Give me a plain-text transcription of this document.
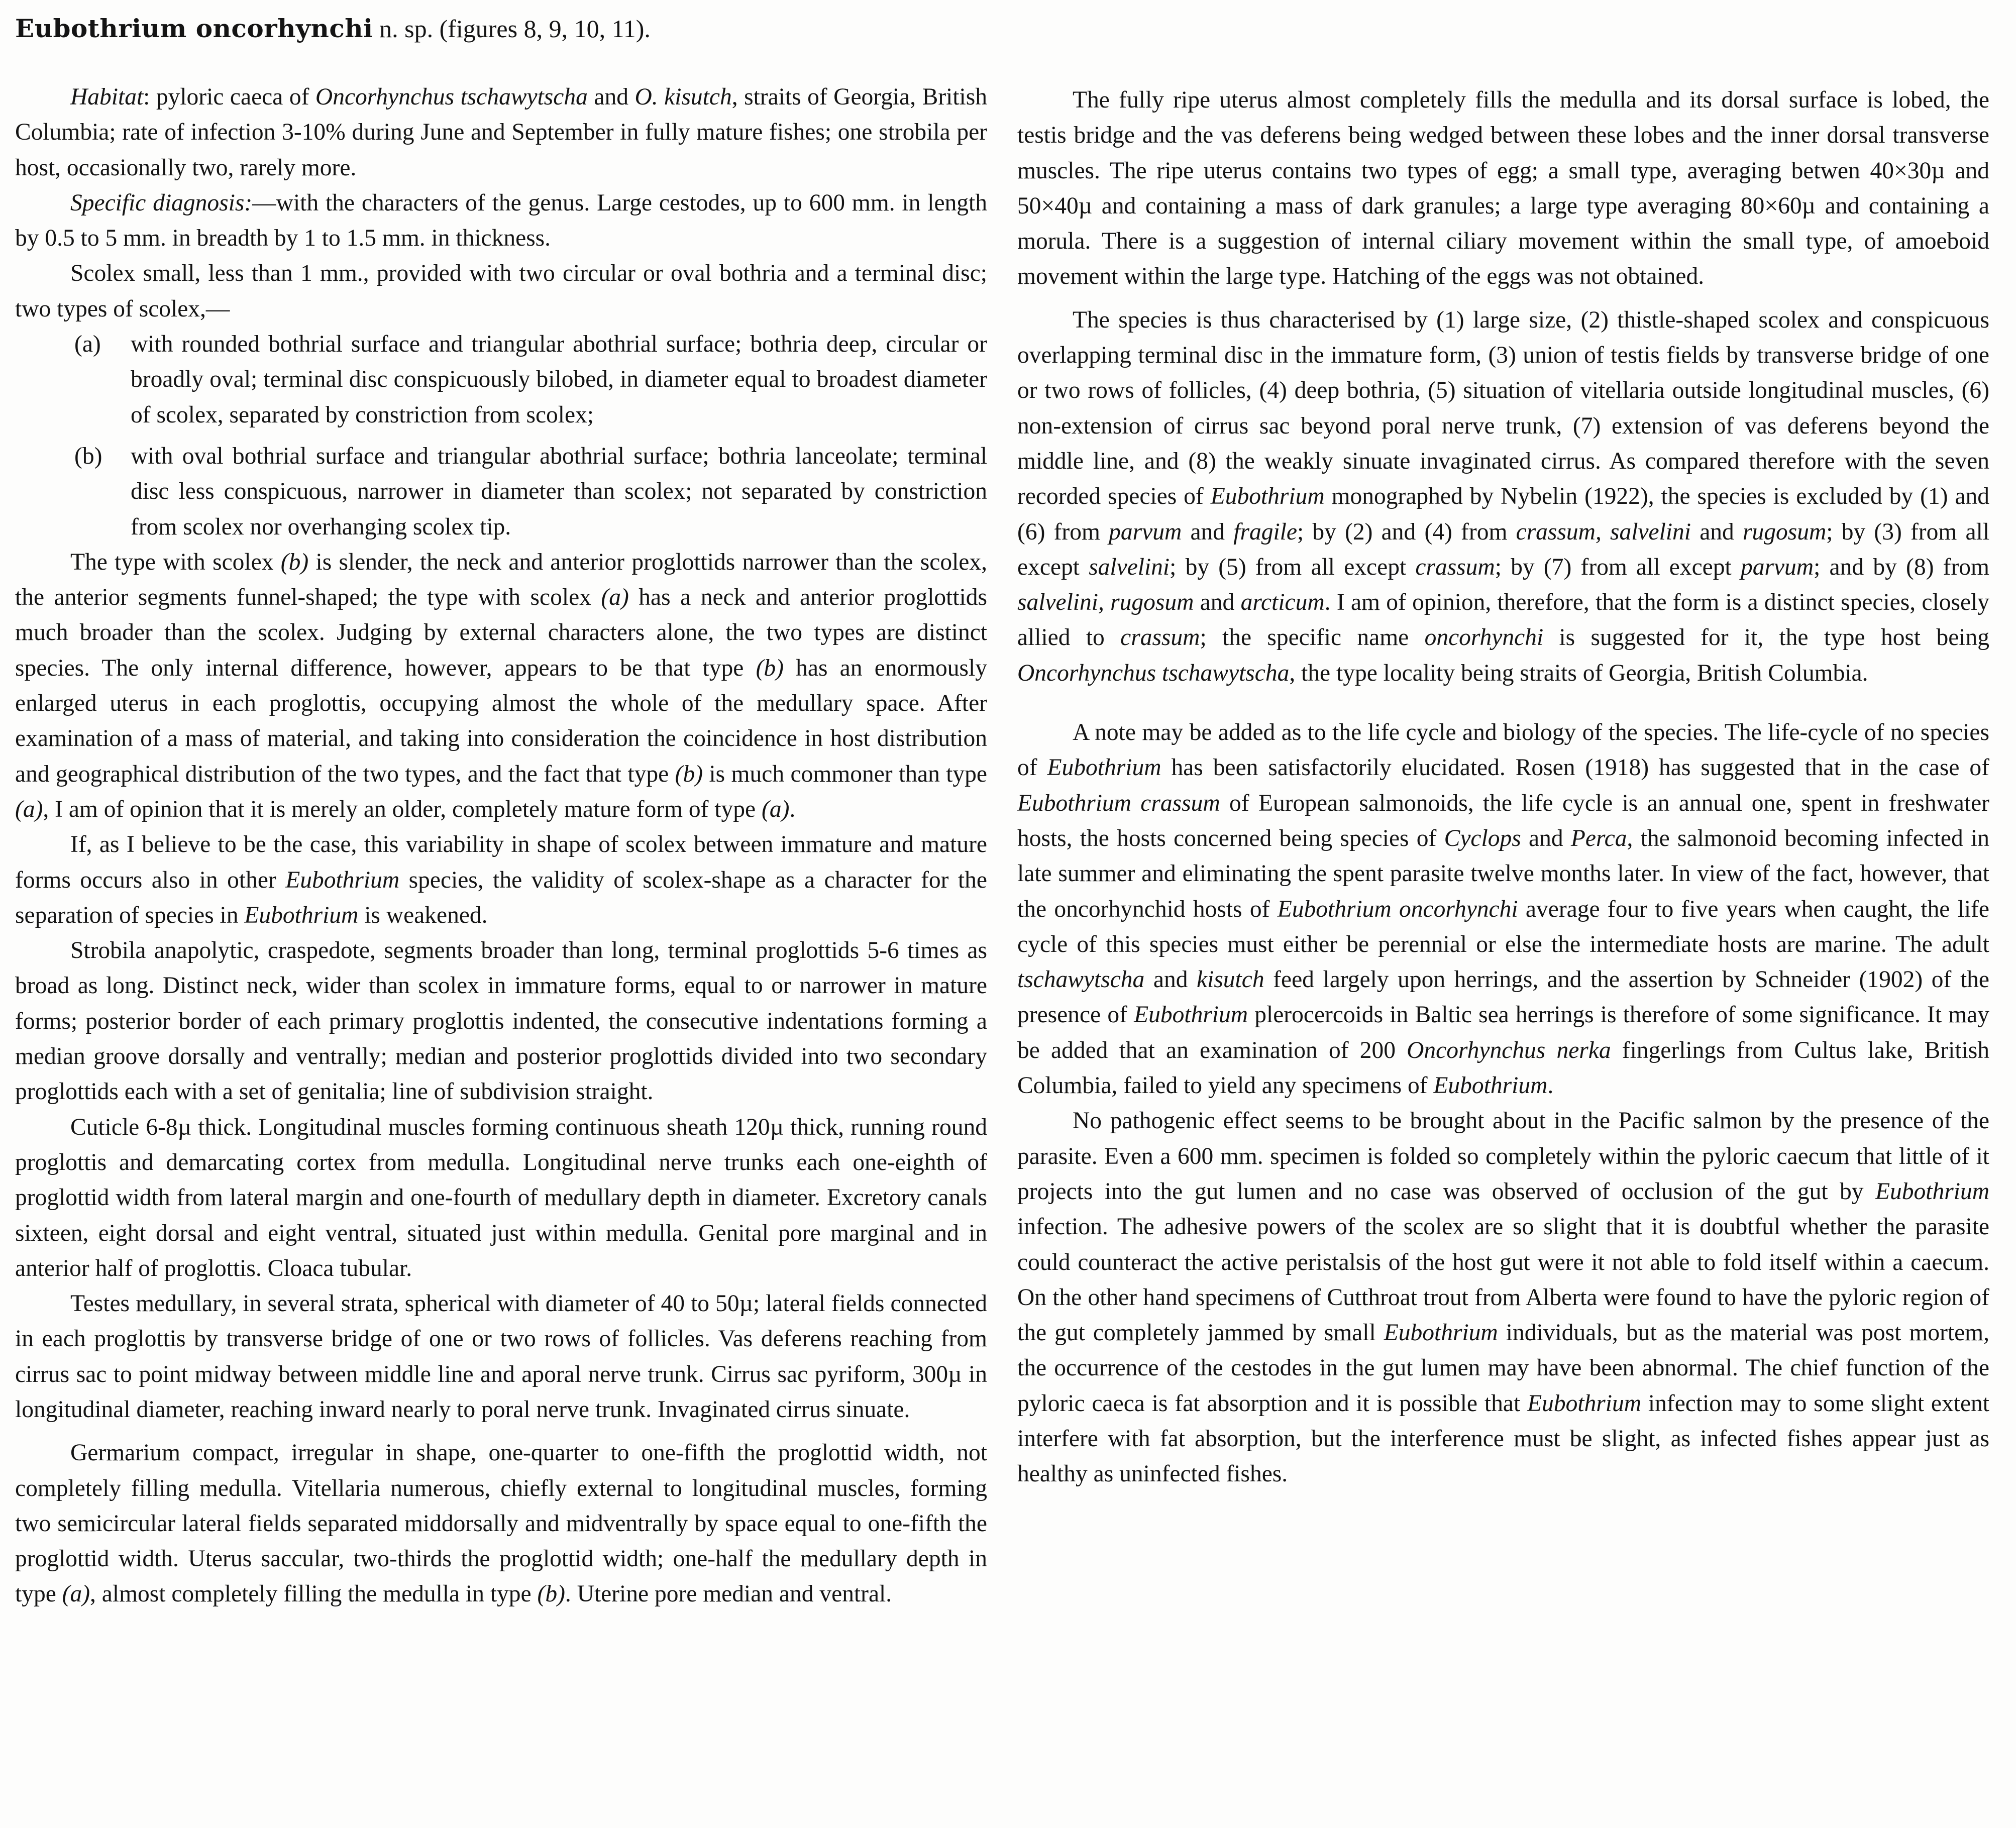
Eubothrium oncorhynchi n. sp. (figures 8, 9, 10, 11).

Habitat: pyloric caeca of Oncorhynchus tschawytscha and O. kisutch, straits of Georgia, British Columbia; rate of infection 3-10% during June and September in fully mature fishes; one strobila per host, occasionally two, rarely more.

Specific diagnosis:—with the characters of the genus. Large cestodes, up to 600 mm. in length by 0.5 to 5 mm. in breadth by 1 to 1.5 mm. in thickness.

Scolex small, less than 1 mm., provided with two circular or oval bothria and a terminal disc; two types of scolex,—

(a)	with rounded bothrial surface and triangular abothrial surface; bothria deep, circular or broadly oval; terminal disc conspicuously bilobed, in diameter equal to broadest diameter of scolex, separated by constriction from scolex;
(b)	with oval bothrial surface and triangular abothrial surface; bothria lanceolate; terminal disc less conspicuous, narrower in diameter than scolex; not separated by constriction from scolex nor overhanging scolex tip.

The type with scolex (b) is slender, the neck and anterior proglottids narrower than the scolex, the anterior segments funnel-shaped; the type with scolex (a) has a neck and anterior proglottids much broader than the scolex. Judging by external characters alone, the two types are distinct species. The only internal difference, however, appears to be that type (b) has an enormously enlarged uterus in each proglottis, occupying almost the whole of the medullary space. After examination of a mass of material, and taking into consideration the coincidence in host distribution and geographical distribution of the two types, and the fact that type (b) is much commoner than type (a), I am of opinion that it is merely an older, completely mature form of type (a).

If, as I believe to be the case, this variability in shape of scolex between immature and mature forms occurs also in other Eubothrium species, the validity of scolex-shape as a character for the separation of species in Eubothrium is weakened.

Strobila anapolytic, craspedote, segments broader than long, terminal proglottids 5-6 times as broad as long. Distinct neck, wider than scolex in immature forms, equal to or narrower in mature forms; posterior border of each primary proglottis indented, the consecutive indentations forming a median groove dorsally and ventrally; median and posterior proglottids divided into two secondary proglottids each with a set of genitalia; line of subdivision straight.

Cuticle 6-8µ thick. Longitudinal muscles forming continuous sheath 120µ thick, running round proglottis and demarcating cortex from medulla. Longitudinal nerve trunks each one-eighth of proglottid width from lateral margin and one-fourth of medullary depth in diameter. Excretory canals sixteen, eight dorsal and eight ventral, situated just within medulla. Genital pore marginal and in anterior half of proglottis. Cloaca tubular.

Testes medullary, in several strata, spherical with diameter of 40 to 50µ; lateral fields connected in each proglottis by transverse bridge of one or two rows of follicles. Vas deferens reaching from cirrus sac to point midway between middle line and aporal nerve trunk. Cirrus sac pyriform, 300µ in longitudinal diameter, reaching inward nearly to poral nerve trunk. Invaginated cirrus sinuate.

Germarium compact, irregular in shape, one-quarter to one-fifth the proglottid width, not completely filling medulla. Vitellaria numerous, chiefly external to longitudinal muscles, forming two semicircular lateral fields separated middorsally and midventrally by space equal to one-fifth the proglottid width. Uterus saccular, two-thirds the proglottid width; one-half the medullary depth in type (a), almost completely filling the medulla in type (b). Uterine pore median and ventral.

The fully ripe uterus almost completely fills the medulla and its dorsal surface is lobed, the testis bridge and the vas deferens being wedged between these lobes and the inner dorsal transverse muscles. The ripe uterus contains two types of egg; a small type, averaging betwen 40×30µ and 50×40µ and containing a mass of dark granules; a large type averaging 80×60µ and containing a morula. There is a suggestion of internal ciliary movement within the small type, of amoeboid movement within the large type. Hatching of the eggs was not obtained.

The species is thus characterised by (1) large size, (2) thistle-shaped scolex and conspicuous overlapping terminal disc in the immature form, (3) union of testis fields by transverse bridge of one or two rows of follicles, (4) deep bothria, (5) situation of vitellaria outside longitudinal muscles, (6) non-extension of cirrus sac beyond poral nerve trunk, (7) extension of vas deferens beyond the middle line, and (8) the weakly sinuate invaginated cirrus. As compared therefore with the seven recorded species of Eubothrium monographed by Nybelin (1922), the species is excluded by (1) and (6) from parvum and fragile; by (2) and (4) from crassum, salvelini and rugosum; by (3) from all except salvelini; by (5) from all except crassum; by (7) from all except parvum; and by (8) from salvelini, rugosum and arcticum. I am of opinion, therefore, that the form is a distinct species, closely allied to crassum; the specific name oncorhynchi is suggested for it, the type host being Oncorhynchus tschawytscha, the type locality being straits of Georgia, British Columbia.

A note may be added as to the life cycle and biology of the species. The life-cycle of no species of Eubothrium has been satisfactorily elucidated. Rosen (1918) has suggested that in the case of Eubothrium crassum of European salmonoids, the life cycle is an annual one, spent in freshwater hosts, the hosts concerned being species of Cyclops and Perca, the salmonoid becoming infected in late summer and eliminating the spent parasite twelve months later. In view of the fact, however, that the oncorhynchid hosts of Eubothrium oncorhynchi average four to five years when caught, the life cycle of this species must either be perennial or else the intermediate hosts are marine. The adult tschawytscha and kisutch feed largely upon herrings, and the assertion by Schneider (1902) of the presence of Eubothrium plerocercoids in Baltic sea herrings is therefore of some significance. It may be added that an examination of 200 Oncorhynchus nerka fingerlings from Cultus lake, British Columbia, failed to yield any specimens of Eubothrium.

No pathogenic effect seems to be brought about in the Pacific salmon by the presence of the parasite. Even a 600 mm. specimen is folded so completely within the pyloric caecum that little of it projects into the gut lumen and no case was observed of occlusion of the gut by Eubothrium infection. The adhesive powers of the scolex are so slight that it is doubtful whether the parasite could counteract the active peristalsis of the host gut were it not able to fold itself within a caecum. On the other hand specimens of Cutthroat trout from Alberta were found to have the pyloric region of the gut completely jammed by small Eubothrium individuals, but as the material was post mortem, the occurrence of the cestodes in the gut lumen may have been abnormal. The chief function of the pyloric caeca is fat absorption and it is possible that Eubothrium infection may to some slight extent interfere with fat absorption, but the interference must be slight, as infected fishes appear just as healthy as uninfected fishes.
